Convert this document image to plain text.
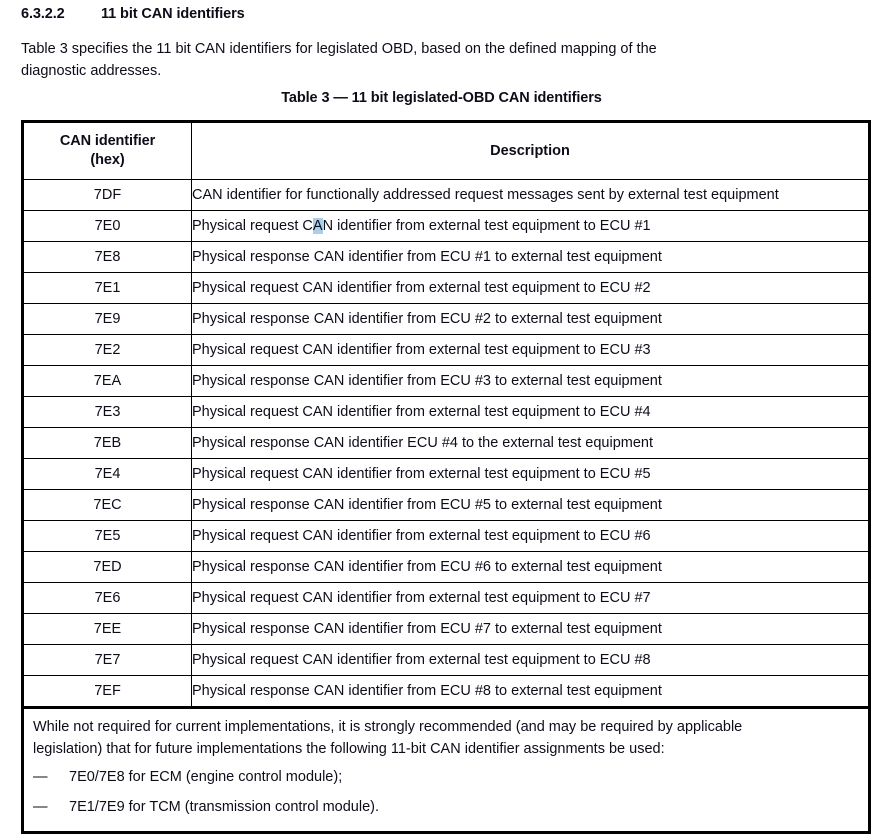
6.3.2.2	11 bit CAN identifiers
Table 3 specifies the 11 bit CAN identifiers for legislated OBD, based on the defined mapping of the
diagnostic addresses.
Table 3 — 11 bit legislated-OBD CAN identifiers
CAN identifier
(hex)	Description
7DF	CAN identifier for functionally addressed request messages sent by external test equipment
7E0	Physical request CAN identifier from external test equipment to ECU #1
7E8	Physical response CAN identifier from ECU #1 to external test equipment
7E1	Physical request CAN identifier from external test equipment to ECU #2
7E9	Physical response CAN identifier from ECU #2 to external test equipment
7E2	Physical request CAN identifier from external test equipment to ECU #3
7EA	Physical response CAN identifier from ECU #3 to external test equipment
7E3	Physical request CAN identifier from external test equipment to ECU #4
7EB	Physical response CAN identifier ECU #4 to the external test equipment
7E4	Physical request CAN identifier from external test equipment to ECU #5
7EC	Physical response CAN identifier from ECU #5 to external test equipment
7E5	Physical request CAN identifier from external test equipment to ECU #6
7ED	Physical response CAN identifier from ECU #6 to external test equipment
7E6	Physical request CAN identifier from external test equipment to ECU #7
7EE	Physical response CAN identifier from ECU #7 to external test equipment
7E7	Physical request CAN identifier from external test equipment to ECU #8
7EF	Physical response CAN identifier from ECU #8 to external test equipment

While not required for current implementations, it is strongly recommended (and may be required by applicable
legislation) that for future implementations the following 11-bit CAN identifier assignments be used:

— 7E0/7E8 for ECM (engine control module);
— 7E1/7E9 for TCM (transmission control module).
